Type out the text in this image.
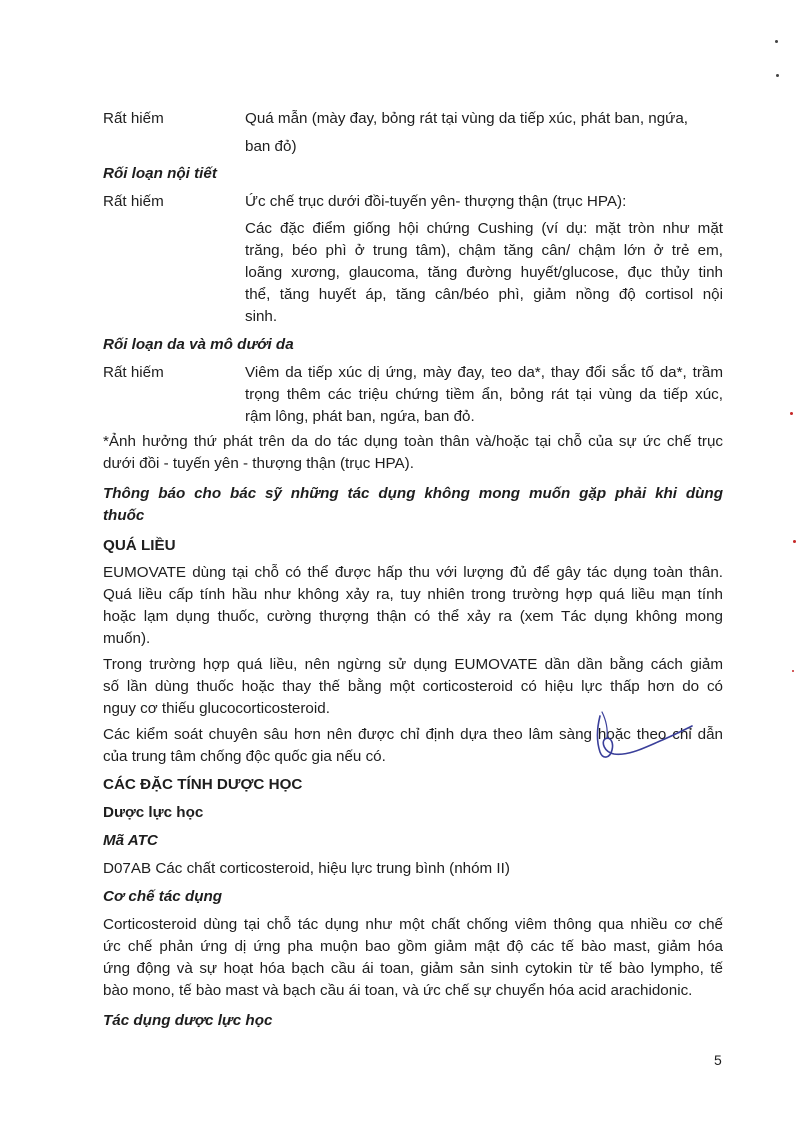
Rất hiếm	Quá mẫn (mày đay, bỏng rát tại vùng da tiếp xúc, phát ban, ngứa,
ban đỏ)
Rối loạn nội tiết
Rất hiếm	Ức chế trục dưới đồi-tuyến yên- thượng thận (trục HPA):
Các đặc điểm giống hội chứng Cushing (ví dụ: mặt tròn như mặt
trăng, béo phì ở trung tâm), chậm tăng cân/ chậm lớn ở trẻ em,
loãng xương, glaucoma, tăng đường huyết/glucose, đục thủy tinh
thể, tăng huyết áp, tăng cân/béo phì, giảm nồng độ cortisol nội
sinh.
Rối loạn da và mô dưới da
Rất hiếm	Viêm da tiếp xúc dị ứng, mày đay, teo da*, thay đổi sắc tố da*, trầm
trọng thêm các triệu chứng tiềm ẩn, bỏng rát tại vùng da tiếp xúc,
rậm lông, phát ban, ngứa, ban đỏ.
*Ảnh hưởng thứ phát trên da do tác dụng toàn thân và/hoặc tại chỗ của sự ức chế trục
dưới đồi - tuyến yên - thượng thận (trục HPA).
Thông báo cho bác sỹ những tác dụng không mong muốn gặp phải khi dùng
thuốc
QUÁ LIỀU
EUMOVATE dùng tại chỗ có thể được hấp thu với lượng đủ để gây tác dụng toàn thân.
Quá liều cấp tính hầu như không xảy ra, tuy nhiên trong trường hợp quá liều mạn tính
hoặc lạm dụng thuốc, cường thượng thận có thể xảy ra (xem Tác dụng không mong
muốn).
Trong trường hợp quá liều, nên ngừng sử dụng EUMOVATE dần dần bằng cách giảm
số lần dùng thuốc hoặc thay thế bằng một corticosteroid có hiệu lực thấp hơn do có
nguy cơ thiếu glucocorticosteroid.
Các kiểm soát chuyên sâu hơn nên được chỉ định dựa theo lâm sàng hoặc theo chỉ dẫn
của trung tâm chống độc quốc gia nếu có.
CÁC ĐẶC TÍNH DƯỢC HỌC
Dược lực học
Mã ATC
D07AB Các chất corticosteroid, hiệu lực trung bình (nhóm II)
Cơ chế tác dụng
Corticosteroid dùng tại chỗ tác dụng như một chất chống viêm thông qua nhiều cơ chế
ức chế phản ứng dị ứng pha muộn bao gồm giảm mật độ các tế bào mast, giảm hóa
ứng động và sự hoạt hóa bạch cầu ái toan, giảm sản sinh cytokin từ tế bào lympho, tế
bào mono, tế bào mast và bạch cầu ái toan, và ức chế sự chuyển hóa acid arachidonic.
Tác dụng dược lực học
5
